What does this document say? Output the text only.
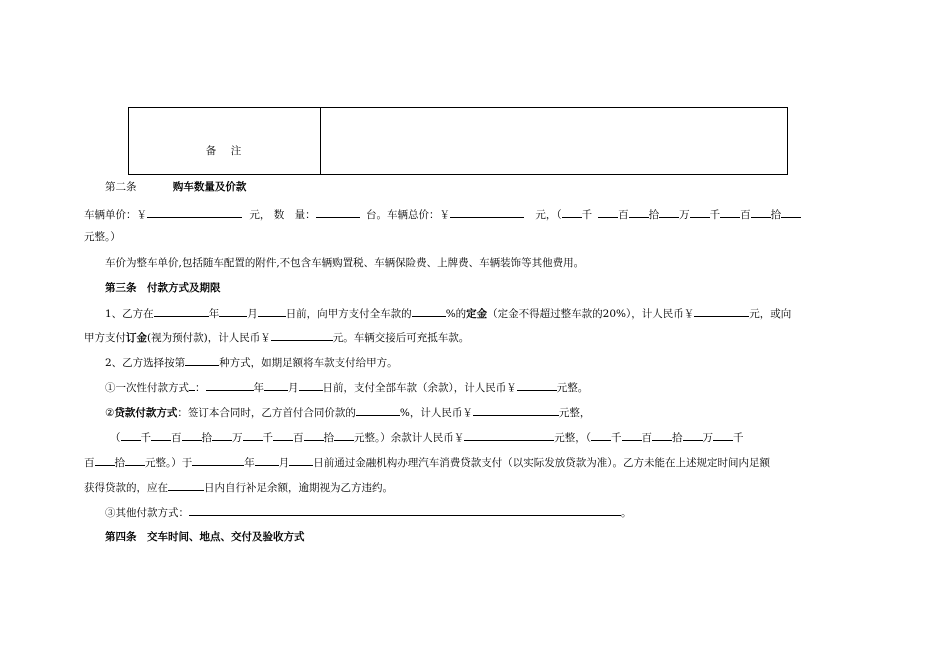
备　注	
第二条	购车数量及价款
车辆单价：￥	元， 数　量：	台。车辆总价：￥	元，（ 千 百 拾 万 千 百 拾
元整。）
车价为整车单价,包括随车配置的附件,不包含车辆购置税、车辆保险费、上牌费、车辆装饰等其他费用。
第三条　付款方式及期限
1、乙方在	年	月	日前，向甲方支付全车款的	%的定金（定金不得超过整车款的20%），计人民币￥	元，或向
甲方支付订金(视为预付款)，计人民币￥	元。车辆交接后可充抵车款。
2、乙方选择按第	种方式，如期足额将车款支付给甲方。
①一次性付款方式 ：	年 月 日前，支付全部车款（余款），计人民币￥	元整。
②贷款付款方式：签订本合同时，乙方首付合同价款的	%，计人民币￥	元整，
（ 千 百 拾 万 千 百 拾 元整。）余款计人民币￥	元整，（ 千 百 拾 万 千
百 拾 元整。）于	年 月 日前通过金融机构办理汽车消费贷款支付（以实际发放贷款为准）。乙方未能在上述规定时间内足额
获得贷款的，应在	日内自行补足余额，逾期视为乙方违约。
③其他付款方式：	。
第四条　交车时间、地点、交付及验收方式
